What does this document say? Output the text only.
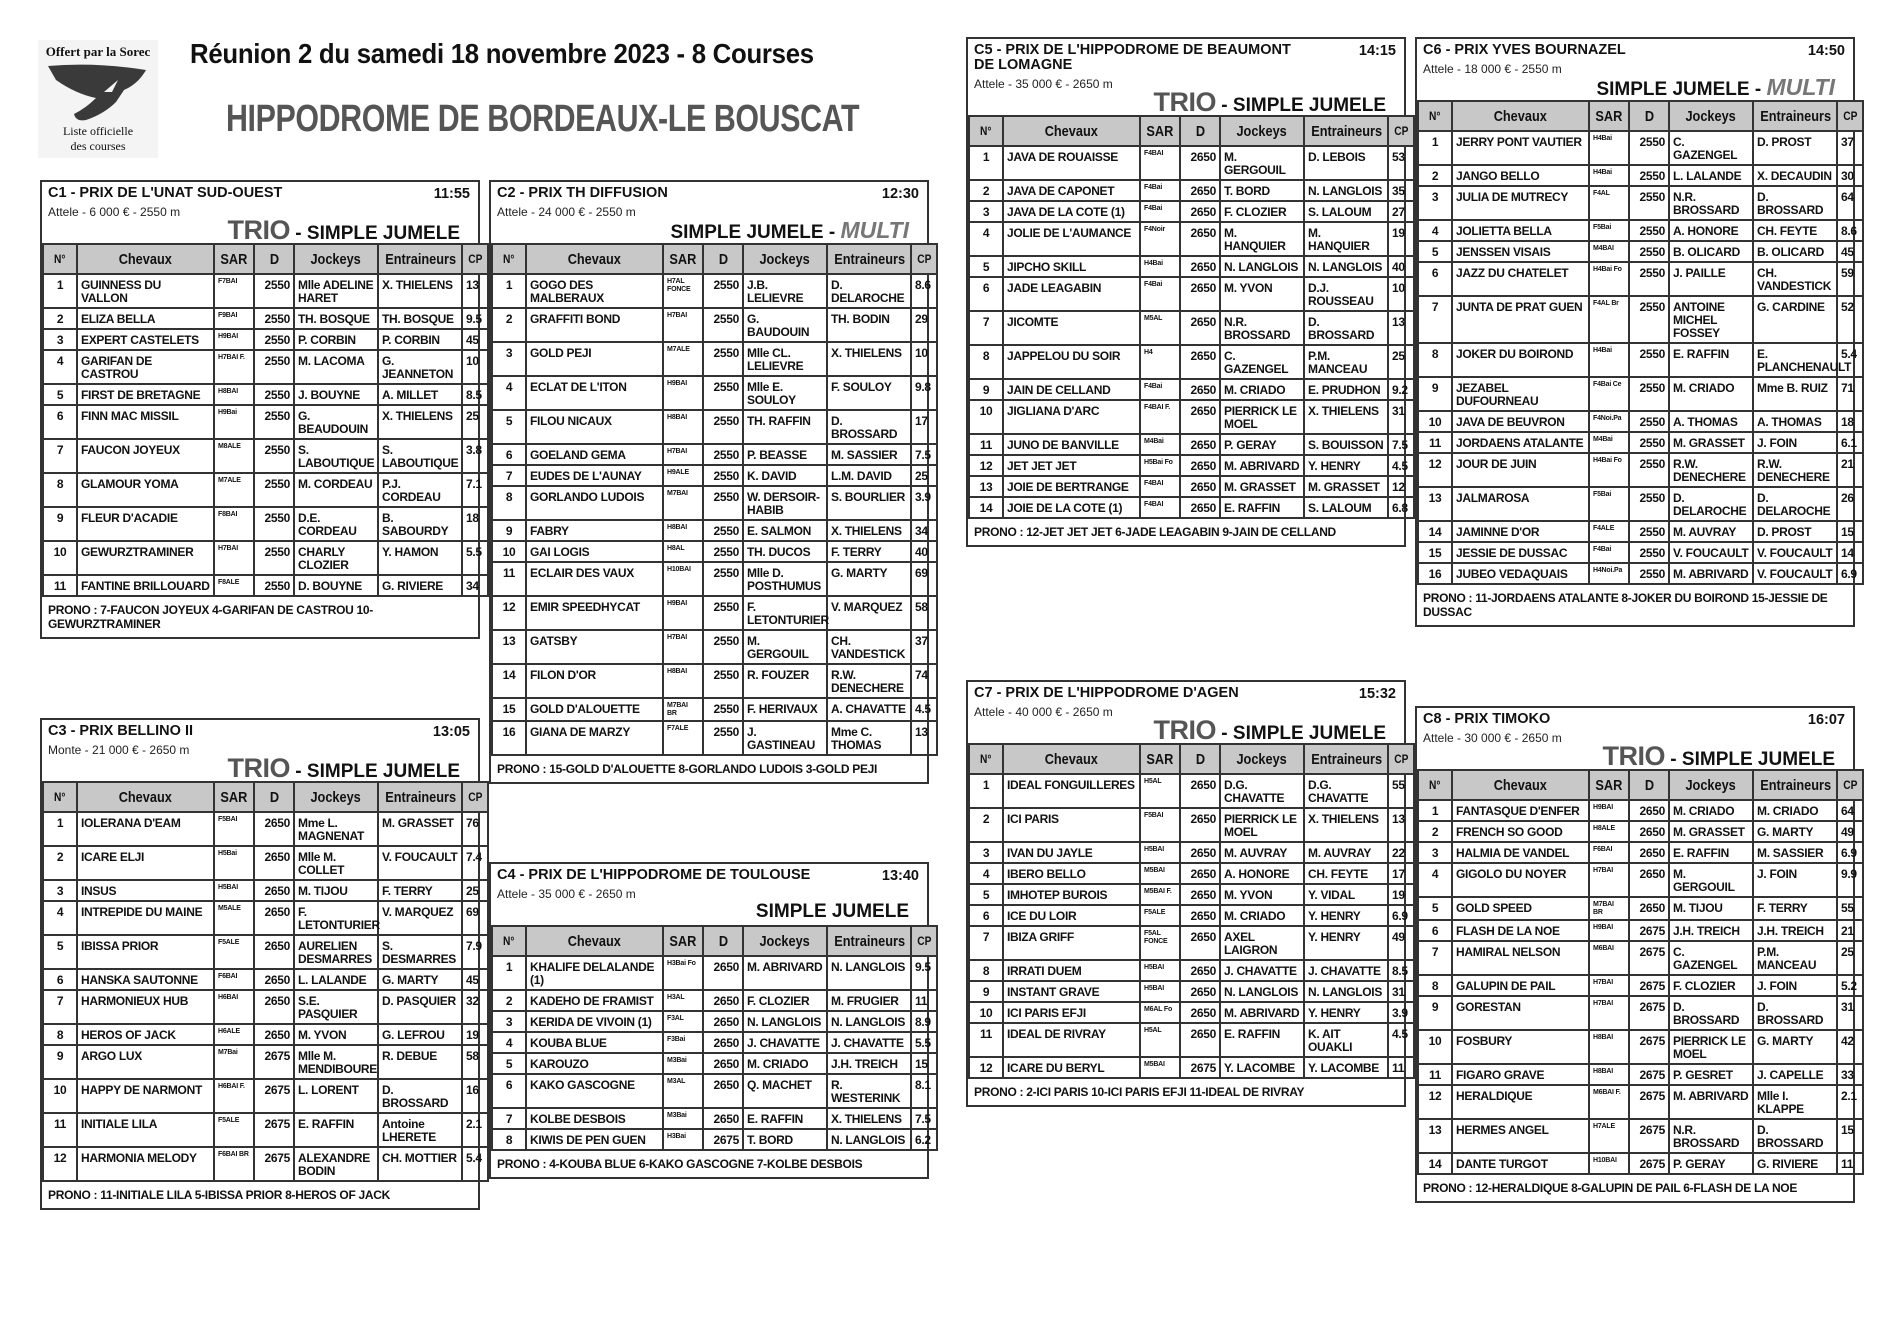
Offert par la Sorec
Liste officielle
des courses
Réunion 2 du samedi 18 novembre 2023 - 8 Courses
HIPPODROME DE BORDEAUX-LE BOUSCAT
C1 - PRIX DE L'UNAT SUD-OUEST	11:55
Attele - 6 000 € - 2550 m
TRIO - SIMPLE JUMELE
N°	Chevaux	SAR	D	Jockeys	Entraineurs	CP
1	GUINNESS DU VALLON	F7BAI	2550	Mlle ADELINE HARET	X. THIELENS	13
2	ELIZA BELLA	F9BAI	2550	TH. BOSQUE	TH. BOSQUE	9.5
3	EXPERT CASTELETS	H9BAI	2550	P. CORBIN	P. CORBIN	45
4	GARIFAN DE CASTROU	H7BAI F.	2550	M. LACOMA	G. JEANNETON	10
5	FIRST DE BRETAGNE	H8BAI	2550	J. BOUYNE	A. MILLET	8.5
6	FINN MAC MISSIL	H9Bai	2550	G. BEAUDOUIN	X. THIELENS	25
7	FAUCON JOYEUX	M8ALE	2550	S. LABOUTIQUE	S. LABOUTIQUE	3.8
8	GLAMOUR YOMA	M7ALE	2550	M. CORDEAU	P.J. CORDEAU	7.1
9	FLEUR D'ACADIE	F8BAI	2550	D.E. CORDEAU	B. SABOURDY	18
10	GEWURZTRAMINER	H7BAI	2550	CHARLY CLOZIER	Y. HAMON	5.5
11	FANTINE BRILLOUARD	F8ALE	2550	D. BOUYNE	G. RIVIERE	34
PRONO : 7-FAUCON JOYEUX 4-GARIFAN DE CASTROU 10-GEWURZTRAMINER
C2 - PRIX TH DIFFUSION	12:30
Attele - 24 000 € - 2550 m
SIMPLE JUMELE - MULTI
N°	Chevaux	SAR	D	Jockeys	Entraineurs	CP
1	GOGO DES MALBERAUX	H7AL FONCE	2550	J.B. LELIEVRE	D. DELAROCHE	8.6
2	GRAFFITI BOND	H7BAI	2550	G. BAUDOUIN	TH. BODIN	29
3	GOLD PEJI	M7ALE	2550	Mlle CL. LELIEVRE	X. THIELENS	10
4	ECLAT DE L'ITON	H9BAI	2550	Mlle E. SOULOY	F. SOULOY	9.8
5	FILOU NICAUX	H8BAI	2550	TH. RAFFIN	D. BROSSARD	17
6	GOELAND GEMA	H7BAI	2550	P. BEASSE	M. SASSIER	7.5
7	EUDES DE L'AUNAY	H9ALE	2550	K. DAVID	L.M. DAVID	25
8	GORLANDO LUDOIS	M7BAI	2550	W. DERSOIR-HABIB	S. BOURLIER	3.9
9	FABRY	H8BAI	2550	E. SALMON	X. THIELENS	34
10	GAI LOGIS	H8AL	2550	TH. DUCOS	F. TERRY	40
11	ECLAIR DES VAUX	H10BAI	2550	Mlle D. POSTHUMUS	G. MARTY	69
12	EMIR SPEEDHYCAT	H9BAI	2550	F. LETONTURIER	V. MARQUEZ	58
13	GATSBY	H7BAI	2550	M. GERGOUIL	CH. VANDESTICK	37
14	FILON D'OR	H8BAI	2550	R. FOUZER	R.W. DENECHERE	74
15	GOLD D'ALOUETTE	M7BAI BR	2550	F. HERIVAUX	A. CHAVATTE	4.5
16	GIANA DE MARZY	F7ALE	2550	J. GASTINEAU	Mme C. THOMAS	13
PRONO : 15-GOLD D'ALOUETTE 8-GORLANDO LUDOIS 3-GOLD PEJI
C3 - PRIX BELLINO II	13:05
Monte - 21 000 € - 2650 m
TRIO - SIMPLE JUMELE
N°	Chevaux	SAR	D	Jockeys	Entraineurs	CP
1	IOLERANA D'EAM	F5BAI	2650	Mme L. MAGNENAT	M. GRASSET	76
2	ICARE ELJI	H5Bai	2650	Mlle M. COLLET	V. FOUCAULT	7.4
3	INSUS	H5BAI	2650	M. TIJOU	F. TERRY	25
4	INTREPIDE DU MAINE	M5ALE	2650	F. LETONTURIER	V. MARQUEZ	69
5	IBISSA PRIOR	F5ALE	2650	AURELIEN DESMARRES	S. DESMARRES	7.9
6	HANSKA SAUTONNE	F6BAI	2650	L. LALANDE	G. MARTY	45
7	HARMONIEUX HUB	H6BAI	2650	S.E. PASQUIER	D. PASQUIER	32
8	HEROS OF JACK	H6ALE	2650	M. YVON	G. LEFROU	19
9	ARGO LUX	M7Bai	2675	Mlle M. MENDIBOURE	R. DEBUE	58
10	HAPPY DE NARMONT	H6BAI F.	2675	L. LORENT	D. BROSSARD	16
11	INITIALE LILA	F5ALE	2675	E. RAFFIN	Antoine LHERETE	2.1
12	HARMONIA MELODY	F6BAI BR	2675	ALEXANDRE BODIN	CH. MOTTIER	5.4
PRONO : 11-INITIALE LILA 5-IBISSA PRIOR 8-HEROS OF JACK
C4 - PRIX DE L'HIPPODROME DE TOULOUSE	13:40
Attele - 35 000 € - 2650 m
SIMPLE JUMELE
N°	Chevaux	SAR	D	Jockeys	Entraineurs	CP
1	KHALIFE DELALANDE (1)	H3Bai Fo	2650	M. ABRIVARD	N. LANGLOIS	9.5
2	KADEHO DE FRAMIST	H3AL	2650	F. CLOZIER	M. FRUGIER	11
3	KERIDA DE VIVOIN (1)	F3AL	2650	N. LANGLOIS	N. LANGLOIS	8.9
4	KOUBA BLUE	F3Bai	2650	J. CHAVATTE	J. CHAVATTE	5.5
5	KAROUZO	M3Bai	2650	M. CRIADO	J.H. TREICH	15
6	KAKO GASCOGNE	M3AL	2650	Q. MACHET	R. WESTERINK	8.1
7	KOLBE DESBOIS	M3Bai	2650	E. RAFFIN	X. THIELENS	7.5
8	KIWIS DE PEN GUEN	H3Bai	2675	T. BORD	N. LANGLOIS	6.2
PRONO : 4-KOUBA BLUE 6-KAKO GASCOGNE 7-KOLBE DESBOIS
C5 - PRIX DE L'HIPPODROME DE BEAUMONT DE LOMAGNE
14:15
Attele - 35 000 € - 2650 m
TRIO - SIMPLE JUMELE
N°	Chevaux	SAR	D	Jockeys	Entraineurs	CP
1	JAVA DE ROUAISSE	F4BAI	2650	M. GERGOUIL	D. LEBOIS	53
2	JAVA DE CAPONET	F4Bai	2650	T. BORD	N. LANGLOIS	35
3	JAVA DE LA COTE (1)	F4Bai	2650	F. CLOZIER	S. LALOUM	27
4	JOLIE DE L'AUMANCE	F4Noir	2650	M. HANQUIER	M. HANQUIER	19
5	JIPCHO SKILL	H4Bai	2650	N. LANGLOIS	N. LANGLOIS	40
6	JADE LEAGABIN	F4Bai	2650	M. YVON	D.J. ROUSSEAU	10
7	JICOMTE	M5AL	2650	N.R. BROSSARD	D. BROSSARD	13
8	JAPPELOU DU SOIR	H4	2650	C. GAZENGEL	P.M. MANCEAU	25
9	JAIN DE CELLAND	F4Bai	2650	M. CRIADO	E. PRUDHON	9.2
10	JIGLIANA D'ARC	F4BAI F.	2650	PIERRICK LE MOEL	X. THIELENS	31
11	JUNO DE BANVILLE	M4Bai	2650	P. GERAY	S. BOUISSON	7.5
12	JET JET JET	H5Bai Fo	2650	M. ABRIVARD	Y. HENRY	4.5
13	JOIE DE BERTRANGE	F4BAI	2650	M. GRASSET	M. GRASSET	12
14	JOIE DE LA COTE (1)	F4BAI	2650	E. RAFFIN	S. LALOUM	6.8
PRONO : 12-JET JET JET 6-JADE LEAGABIN 9-JAIN DE CELLAND
C6 - PRIX YVES BOURNAZEL	14:50
Attele - 18 000 € - 2550 m
SIMPLE JUMELE - MULTI
N°	Chevaux	SAR	D	Jockeys	Entraineurs	CP
1	JERRY PONT VAUTIER	H4Bai	2550	C. GAZENGEL	D. PROST	37
2	JANGO BELLO	H4Bai	2550	L. LALANDE	X. DECAUDIN	30
3	JULIA DE MUTRECY	F4AL	2550	N.R. BROSSARD	D. BROSSARD	64
4	JOLIETTA BELLA	F5Bai	2550	A. HONORE	CH. FEYTE	8.6
5	JENSSEN VISAIS	M4BAI	2550	B. OLICARD	B. OLICARD	45
6	JAZZ DU CHATELET	H4Bai Fo	2550	J. PAILLE	CH. VANDESTICK	59
7	JUNTA DE PRAT GUEN	F4AL Br	2550	ANTOINE MICHEL FOSSEY	G. CARDINE	52
8	JOKER DU BOIROND	H4Bai	2550	E. RAFFIN	E. PLANCHENAULT	5.4
9	JEZABEL DUFOURNEAU	F4Bai Ce	2550	M. CRIADO	Mme B. RUIZ	71
10	JAVA DE BEUVRON	F4Noi.Pa	2550	A. THOMAS	A. THOMAS	18
11	JORDAENS ATALANTE	M4Bai	2550	M. GRASSET	J. FOIN	6.1
12	JOUR DE JUIN	H4Bai Fo	2550	R.W. DENECHERE	R.W. DENECHERE	21
13	JALMAROSA	F5Bai	2550	D. DELAROCHE	D. DELAROCHE	26
14	JAMINNE D'OR	F4ALE	2550	M. AUVRAY	D. PROST	15
15	JESSIE DE DUSSAC	F4Bai	2550	V. FOUCAULT	V. FOUCAULT	14
16	JUBEO VEDAQUAIS	H4Noi.Pa	2550	M. ABRIVARD	V. FOUCAULT	6.9
PRONO : 11-JORDAENS ATALANTE 8-JOKER DU BOIROND 15-JESSIE DE DUSSAC
C7 - PRIX DE L'HIPPODROME D'AGEN	15:32
Attele - 40 000 € - 2650 m
TRIO - SIMPLE JUMELE
N°	Chevaux	SAR	D	Jockeys	Entraineurs	CP
1	IDEAL FONGUILLERES	H5AL	2650	D.G. CHAVATTE	D.G. CHAVATTE	55
2	ICI PARIS	F5BAI	2650	PIERRICK LE MOEL	X. THIELENS	13
3	IVAN DU JAYLE	H5BAI	2650	M. AUVRAY	M. AUVRAY	22
4	IBERO BELLO	M5BAI	2650	A. HONORE	CH. FEYTE	17
5	IMHOTEP BUROIS	M5BAI F.	2650	M. YVON	Y. VIDAL	19
6	ICE DU LOIR	F5ALE	2650	M. CRIADO	Y. HENRY	6.9
7	IBIZA GRIFF	F5AL FONCE	2650	AXEL LAIGRON	Y. HENRY	49
8	IRRATI DUEM	H5BAI	2650	J. CHAVATTE	J. CHAVATTE	8.5
9	INSTANT GRAVE	H5BAI	2650	N. LANGLOIS	N. LANGLOIS	31
10	ICI PARIS EFJI	M6AL Fo	2650	M. ABRIVARD	Y. HENRY	3.9
11	IDEAL DE RIVRAY	H5AL	2650	E. RAFFIN	K. AIT OUAKLI	4.5
12	ICARE DU BERYL	M5BAI	2675	Y. LACOMBE	Y. LACOMBE	11
PRONO : 2-ICI PARIS 10-ICI PARIS EFJI 11-IDEAL DE RIVRAY
C8 - PRIX TIMOKO	16:07
Attele - 30 000 € - 2650 m
TRIO - SIMPLE JUMELE
N°	Chevaux	SAR	D	Jockeys	Entraineurs	CP
1	FANTASQUE D'ENFER	H9BAI	2650	M. CRIADO	M. CRIADO	64
2	FRENCH SO GOOD	H8ALE	2650	M. GRASSET	G. MARTY	49
3	HALMIA DE VANDEL	F6BAI	2650	E. RAFFIN	M. SASSIER	6.9
4	GIGOLO DU NOYER	H7BAI	2650	M. GERGOUIL	J. FOIN	9.9
5	GOLD SPEED	M7BAI BR	2650	M. TIJOU	F. TERRY	55
6	FLASH DE LA NOE	H9BAI	2675	J.H. TREICH	J.H. TREICH	21
7	HAMIRAL NELSON	M6BAI	2675	C. GAZENGEL	P.M. MANCEAU	25
8	GALUPIN DE PAIL	H7BAI	2675	F. CLOZIER	J. FOIN	5.2
9	GORESTAN	H7BAI	2675	D. BROSSARD	D. BROSSARD	31
10	FOSBURY	H8BAI	2675	PIERRICK LE MOEL	G. MARTY	42
11	FIGARO GRAVE	H8BAI	2675	P. GESRET	J. CAPELLE	33
12	HERALDIQUE	M6BAI F.	2675	M. ABRIVARD	Mlle I. KLAPPE	2.1
13	HERMES ANGEL	H7ALE	2675	N.R. BROSSARD	D. BROSSARD	15
14	DANTE TURGOT	H10BAI	2675	P. GERAY	G. RIVIERE	11
PRONO : 12-HERALDIQUE 8-GALUPIN DE PAIL 6-FLASH DE LA NOE
